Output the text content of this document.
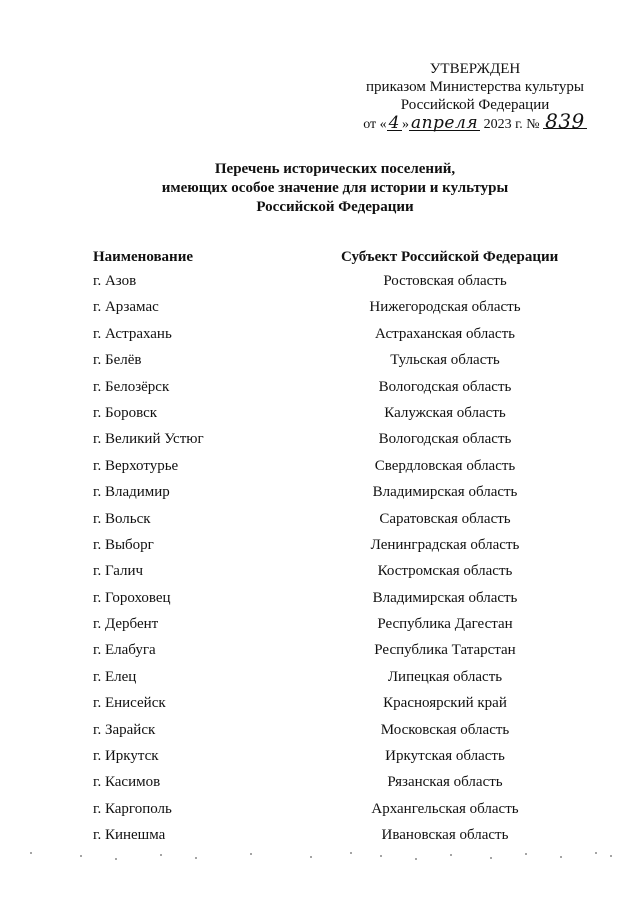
УТВЕРЖДЕН
приказом Министерства культуры
Российской Федерации
от « 4 » апреля 2023 г. № 839
Перечень исторических поселений,
имеющих особое значение для истории и культуры
Российской Федерации
Наименование	Субъект Российской Федерации
г. Азов	Ростовская область
г. Арзамас	Нижегородская область
г. Астрахань	Астраханская область
г. Белёв	Тульская область
г. Белозёрск	Вологодская область
г. Боровск	Калужская область
г. Великий Устюг	Вологодская область
г. Верхотурье	Свердловская область
г. Владимир	Владимирская область
г. Вольск	Саратовская область
г. Выборг	Ленинградская область
г. Галич	Костромская область
г. Гороховец	Владимирская область
г. Дербент	Республика Дагестан
г. Елабуга	Республика Татарстан
г. Елец	Липецкая область
г. Енисейск	Красноярский край
г. Зарайск	Московская область
г. Иркутск	Иркутская область
г. Касимов	Рязанская область
г. Каргополь	Архангельская область
г. Кинешма	Ивановская область
